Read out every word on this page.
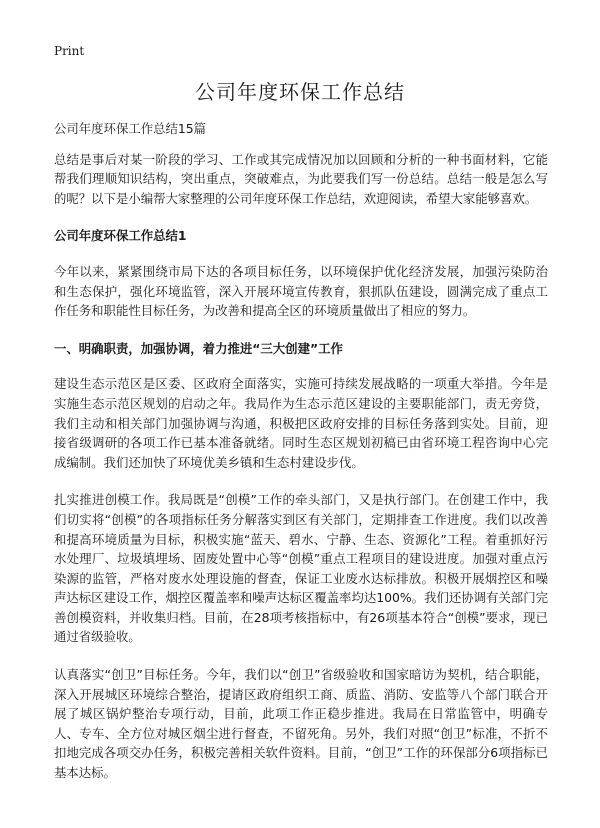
Print
公司年度环保工作总结

公司年度环保工作总结15篇

总结是事后对某一阶段的学习、工作或其完成情况加以回顾和分析的一种书面材料，它能帮我们理顺知识结构，突出重点，突破难点，为此要我们写一份总结。总结一般是怎么写的呢？以下是小编帮大家整理的公司年度环保工作总结，欢迎阅读，希望大家能够喜欢。

公司年度环保工作总结1

今年以来，紧紧围绕市局下达的各项目标任务，以环境保护优化经济发展，加强污染防治和生态保护，强化环境监管，深入开展环境宣传教育，狠抓队伍建设，圆满完成了重点工作任务和职能性目标任务，为改善和提高全区的环境质量做出了相应的努力。

一、明确职责，加强协调，着力推进“三大创建”工作

建设生态示范区是区委、区政府全面落实，实施可持续发展战略的一项重大举措。今年是实施生态示范区规划的启动之年。我局作为生态示范区建设的主要职能部门，责无旁贷，我们主动和相关部门加强协调与沟通，积极把区政府安排的目标任务落到实处。目前，迎接省级调研的各项工作已基本准备就绪。同时生态区规划初稿已由省环境工程咨询中心完成编制。我们还加快了环境优美乡镇和生态村建设步伐。

扎实推进创模工作。我局既是“创模”工作的牵头部门，又是执行部门。在创建工作中，我们切实将“创模”的各项指标任务分解落实到区有关部门，定期排查工作进度。我们以改善和提高环境质量为目标，积极实施“蓝天、碧水、宁静、生态、资源化”工程。着重抓好污水处理厂、垃圾填埋场、固废处置中心等“创模”重点工程项目的建设进度。加强对重点污染源的监管，严格对废水处理设施的督查，保证工业废水达标排放。积极开展烟控区和噪声达标区建设工作，烟控区覆盖率和噪声达标区覆盖率均达100%。我们还协调有关部门完善创模资料，并收集归档。目前，在28项考核指标中，有26项基本符合“创模”要求，现已通过省级验收。

认真落实“创卫”目标任务。今年，我们以“创卫”省级验收和国家暗访为契机，结合职能，深入开展城区环境综合整治，提请区政府组织工商、质监、消防、安监等八个部门联合开展了城区锅炉整治专项行动，目前，此项工作正稳步推进。我局在日常监管中，明确专人、专车、全方位对城区烟尘进行督查，不留死角。另外，我们对照“创卫”标准，不折不扣地完成各项交办任务，积极完善相关软件资料。目前，“创卫”工作的环保部分6项指标已基本达标。
